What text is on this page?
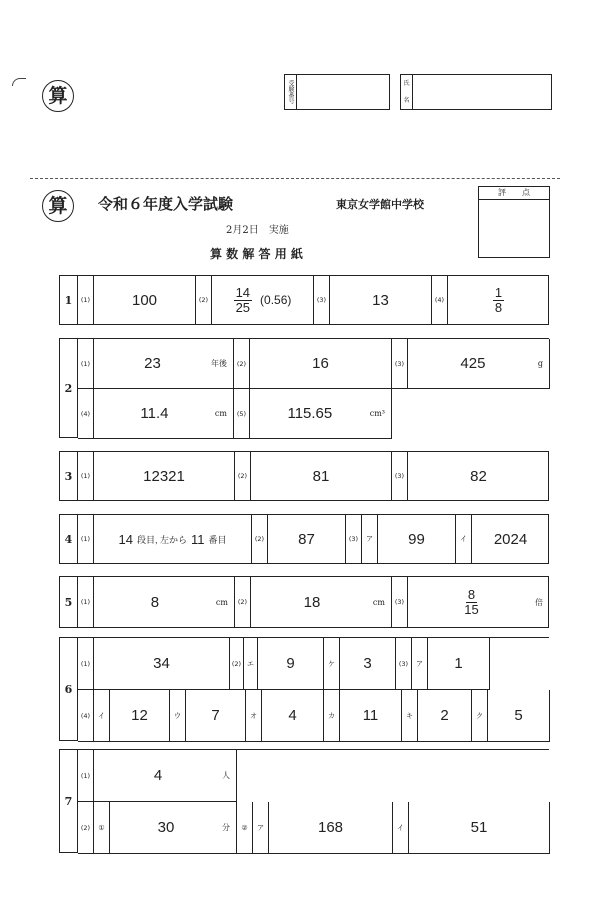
算	受験番号	氏
名
算	令和６年度入学試験	東京女学館中学校
2月2日　実施
算 数 解 答 用 紙
評　　点
1	(1)	100	$(2) \frac{14}{25} (0.56)$	(3)	13	(4)	$\frac{1}{8}$
2
(1)	23	年後	(2)	16	(3)	425	g
(4)	11.4	cm	(5)	115.65	cm³
3	(1)	12321	(2)	81	(3)	82
4	(1) 14 段目, 左から 11 番目	(2)	87	(3)	ア	99	イ	2024
5	(1)	8	cm	(2)	18	cm	(3)	$\frac{8}{15}$	倍
6
(1)	34	(2) エ	9	ケ	3	(3)	ア	1
(4)	イ	12	ウ	7	オ	4	カ	11	キ	2	ク	5
7
(1)	4	人
(2)	①	30	分	②	ア	168	イ	51
